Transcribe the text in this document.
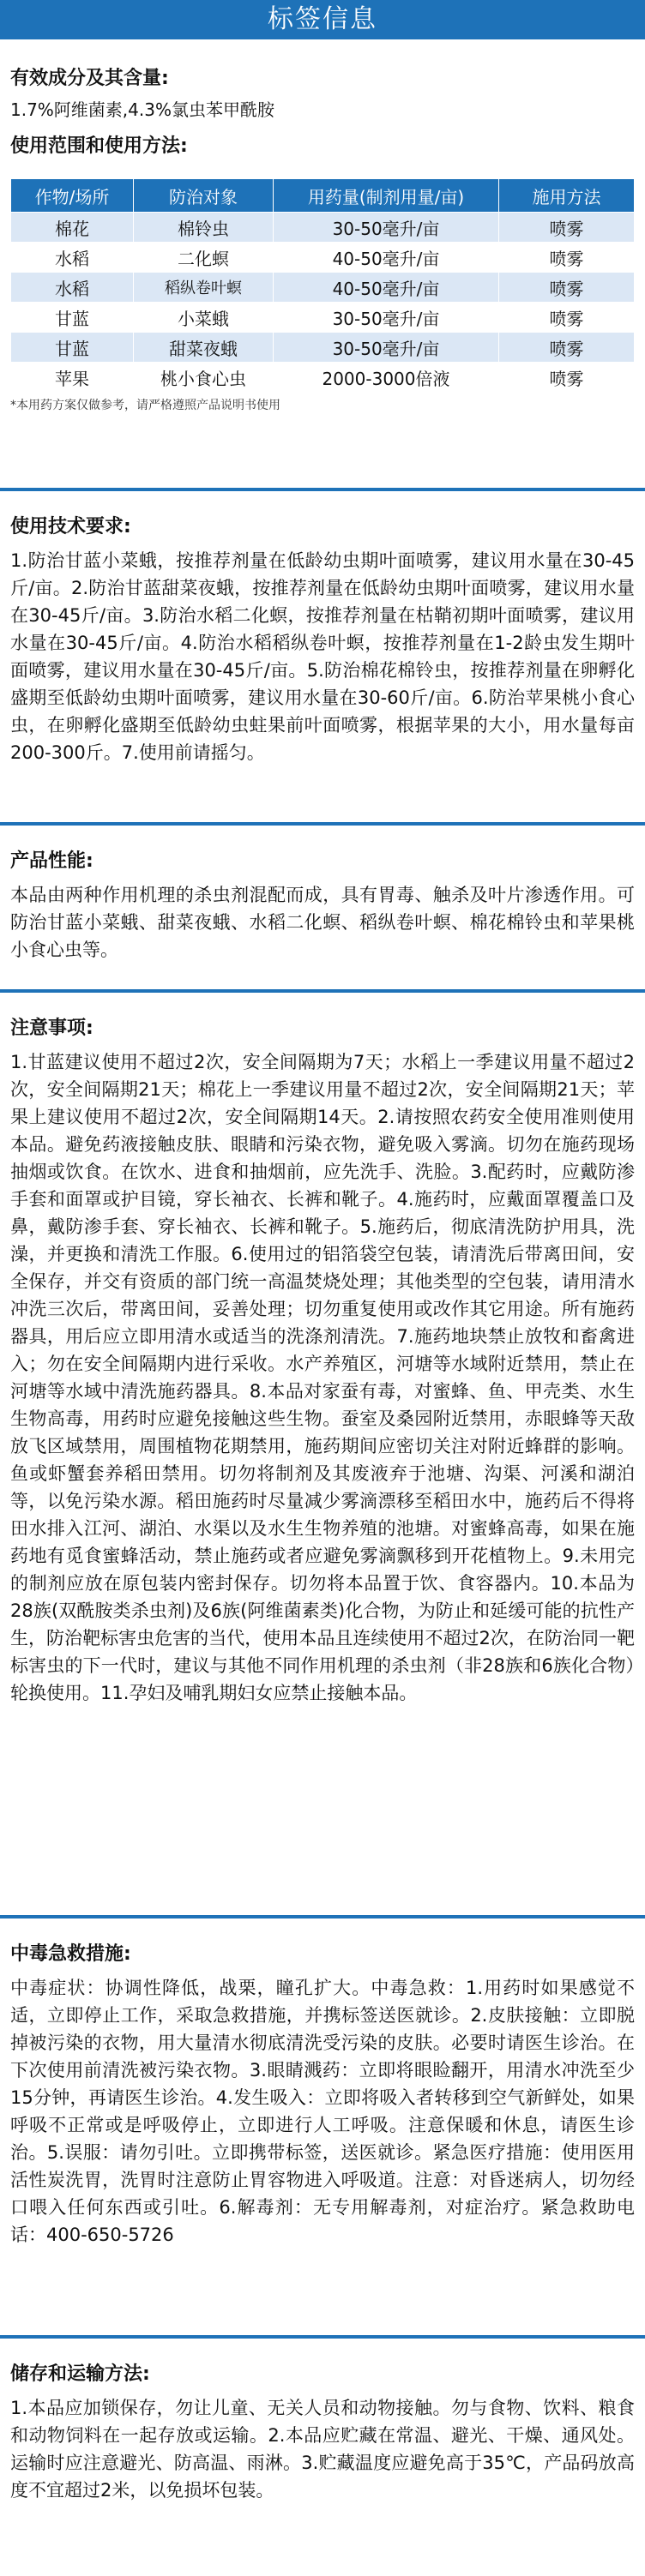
标签信息
有效成分及其含量:
1.7%阿维菌素,4.3%氯虫苯甲酰胺
使用范围和使用方法:
作物/场所	防治对象	用药量(制剂用量/亩)	施用方法
棉花	棉铃虫	30-50毫升/亩	喷雾
水稻	二化螟	40-50毫升/亩	喷雾
水稻	稻纵卷叶螟	40-50毫升/亩	喷雾
甘蓝	小菜蛾	30-50毫升/亩	喷雾
甘蓝	甜菜夜蛾	30-50毫升/亩	喷雾
苹果	桃小食心虫	2000-3000倍液	喷雾
*本用药方案仅做参考，请严格遵照产品说明书使用
使用技术要求:
1.防治甘蓝小菜蛾，按推荐剂量在低龄幼虫期叶面喷雾，建议用水量在30-45斤/亩。2.防治甘蓝甜菜夜蛾，按推荐剂量在低龄幼虫期叶面喷雾，建议用水量在30-45斤/亩。3.防治水稻二化螟，按推荐剂量在枯鞘初期叶面喷雾，建议用水量在30-45斤/亩。4.防治水稻稻纵卷叶螟，按推荐剂量在1-2龄虫发生期叶面喷雾，建议用水量在30-45斤/亩。5.防治棉花棉铃虫，按推荐剂量在卵孵化盛期至低龄幼虫期叶面喷雾，建议用水量在30-60斤/亩。6.防治苹果桃小食心虫，在卵孵化盛期至低龄幼虫蛀果前叶面喷雾，根据苹果的大小，用水量每亩200-300斤。7.使用前请摇匀。
产品性能:
本品由两种作用机理的杀虫剂混配而成，具有胃毒、触杀及叶片渗透作用。可防治甘蓝小菜蛾、甜菜夜蛾、水稻二化螟、稻纵卷叶螟、棉花棉铃虫和苹果桃小食心虫等。
注意事项:
1.甘蓝建议使用不超过2次，安全间隔期为7天；水稻上一季建议用量不超过2次，安全间隔期21天；棉花上一季建议用量不超过2次，安全间隔期21天；苹果上建议使用不超过2次，安全间隔期14天。2.请按照农药安全使用准则使用本品。避免药液接触皮肤、眼睛和污染衣物，避免吸入雾滴。切勿在施药现场抽烟或饮食。在饮水、进食和抽烟前，应先洗手、洗脸。3.配药时，应戴防渗手套和面罩或护目镜，穿长袖衣、长裤和靴子。4.施药时，应戴面罩覆盖口及鼻，戴防渗手套、穿长袖衣、长裤和靴子。5.施药后，彻底清洗防护用具，洗澡，并更换和清洗工作服。6.使用过的铝箔袋空包装，请清洗后带离田间，安全保存，并交有资质的部门统一高温焚烧处理；其他类型的空包装，请用清水冲洗三次后，带离田间，妥善处理；切勿重复使用或改作其它用途。所有施药器具，用后应立即用清水或适当的洗涤剂清洗。7.施药地块禁止放牧和畜禽进入；勿在安全间隔期内进行采收。水产养殖区，河塘等水域附近禁用，禁止在河塘等水域中清洗施药器具。8.本品对家蚕有毒，对蜜蜂、鱼、甲壳类、水生生物高毒，用药时应避免接触这些生物。蚕室及桑园附近禁用，赤眼蜂等天敌放飞区域禁用，周围植物花期禁用，施药期间应密切关注对附近蜂群的影响。鱼或虾蟹套养稻田禁用。切勿将制剂及其废液弃于池塘、沟渠、河溪和湖泊等，以免污染水源。稻田施药时尽量减少雾滴漂移至稻田水中，施药后不得将田水排入江河、湖泊、水渠以及水生生物养殖的池塘。对蜜蜂高毒，如果在施药地有觅食蜜蜂活动，禁止施药或者应避免雾滴飘移到开花植物上。9.未用完的制剂应放在原包装内密封保存。切勿将本品置于饮、食容器内。10.本品为28族(双酰胺类杀虫剂)及6族(阿维菌素类)化合物，为防止和延缓可能的抗性产生，防治靶标害虫危害的当代，使用本品且连续使用不超过2次，在防治同一靶标害虫的下一代时，建议与其他不同作用机理的杀虫剂（非28族和6族化合物）轮换使用。11.孕妇及哺乳期妇女应禁止接触本品。
中毒急救措施:
中毒症状：协调性降低，战栗，瞳孔扩大。中毒急救：1.用药时如果感觉不适，立即停止工作，采取急救措施，并携标签送医就诊。2.皮肤接触：立即脱掉被污染的衣物，用大量清水彻底清洗受污染的皮肤。必要时请医生诊治。在下次使用前清洗被污染衣物。3.眼睛溅药：立即将眼睑翻开，用清水冲洗至少15分钟，再请医生诊治。4.发生吸入：立即将吸入者转移到空气新鲜处，如果呼吸不正常或是呼吸停止，立即进行人工呼吸。注意保暖和休息，请医生诊治。5.误服：请勿引吐。立即携带标签，送医就诊。紧急医疗措施：使用医用活性炭洗胃，洗胃时注意防止胃容物进入呼吸道。注意：对昏迷病人，切勿经口喂入任何东西或引吐。6.解毒剂：无专用解毒剂，对症治疗。紧急救助电话：400-650-5726
储存和运输方法:
1.本品应加锁保存，勿让儿童、无关人员和动物接触。勿与食物、饮料、粮食和动物饲料在一起存放或运输。2.本品应贮藏在常温、避光、干燥、通风处。运输时应注意避光、防高温、雨淋。3.贮藏温度应避免高于35℃，产品码放高度不宜超过2米，以免损坏包装。
